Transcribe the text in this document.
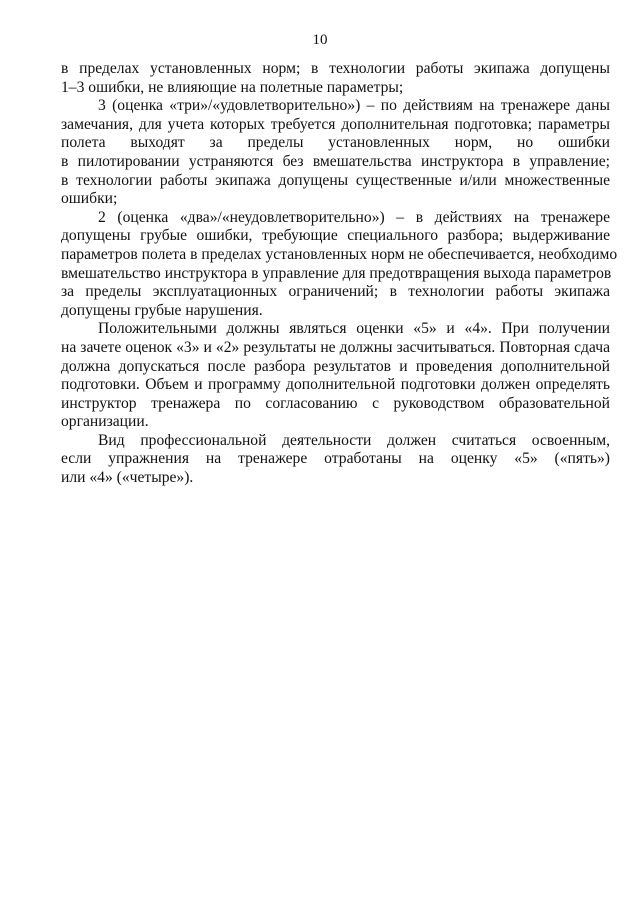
10

в пределах установленных норм; в технологии работы экипажа допущены
1–3 ошибки, не влияющие на полетные параметры;

3 (оценка «три»/«удовлетворительно») – по действиям на тренажере даны
замечания, для учета которых требуется дополнительная подготовка; параметры
полета выходят за пределы установленных норм, но ошибки
в пилотировании устраняются без вмешательства инструктора в управление;
в технологии работы экипажа допущены существенные и/или множественные
ошибки;

2 (оценка «два»/«неудовлетворительно») – в действиях на тренажере
допущены грубые ошибки, требующие специального разбора; выдерживание
параметров полета в пределах установленных норм не обеспечивается, необходимо
вмешательство инструктора в управление для предотвращения выхода параметров
за пределы эксплуатационных ограничений; в технологии работы экипажа
допущены грубые нарушения.

Положительными должны являться оценки «5» и «4». При получении
на зачете оценок «3» и «2» результаты не должны засчитываться. Повторная сдача
должна допускаться после разбора результатов и проведения дополнительной
подготовки. Объем и программу дополнительной подготовки должен определять
инструктор тренажера по согласованию с руководством образовательной
организации.

Вид профессиональной деятельности должен считаться освоенным,
если упражнения на тренажере отработаны на оценку «5» («пять»)
или «4» («четыре»).
